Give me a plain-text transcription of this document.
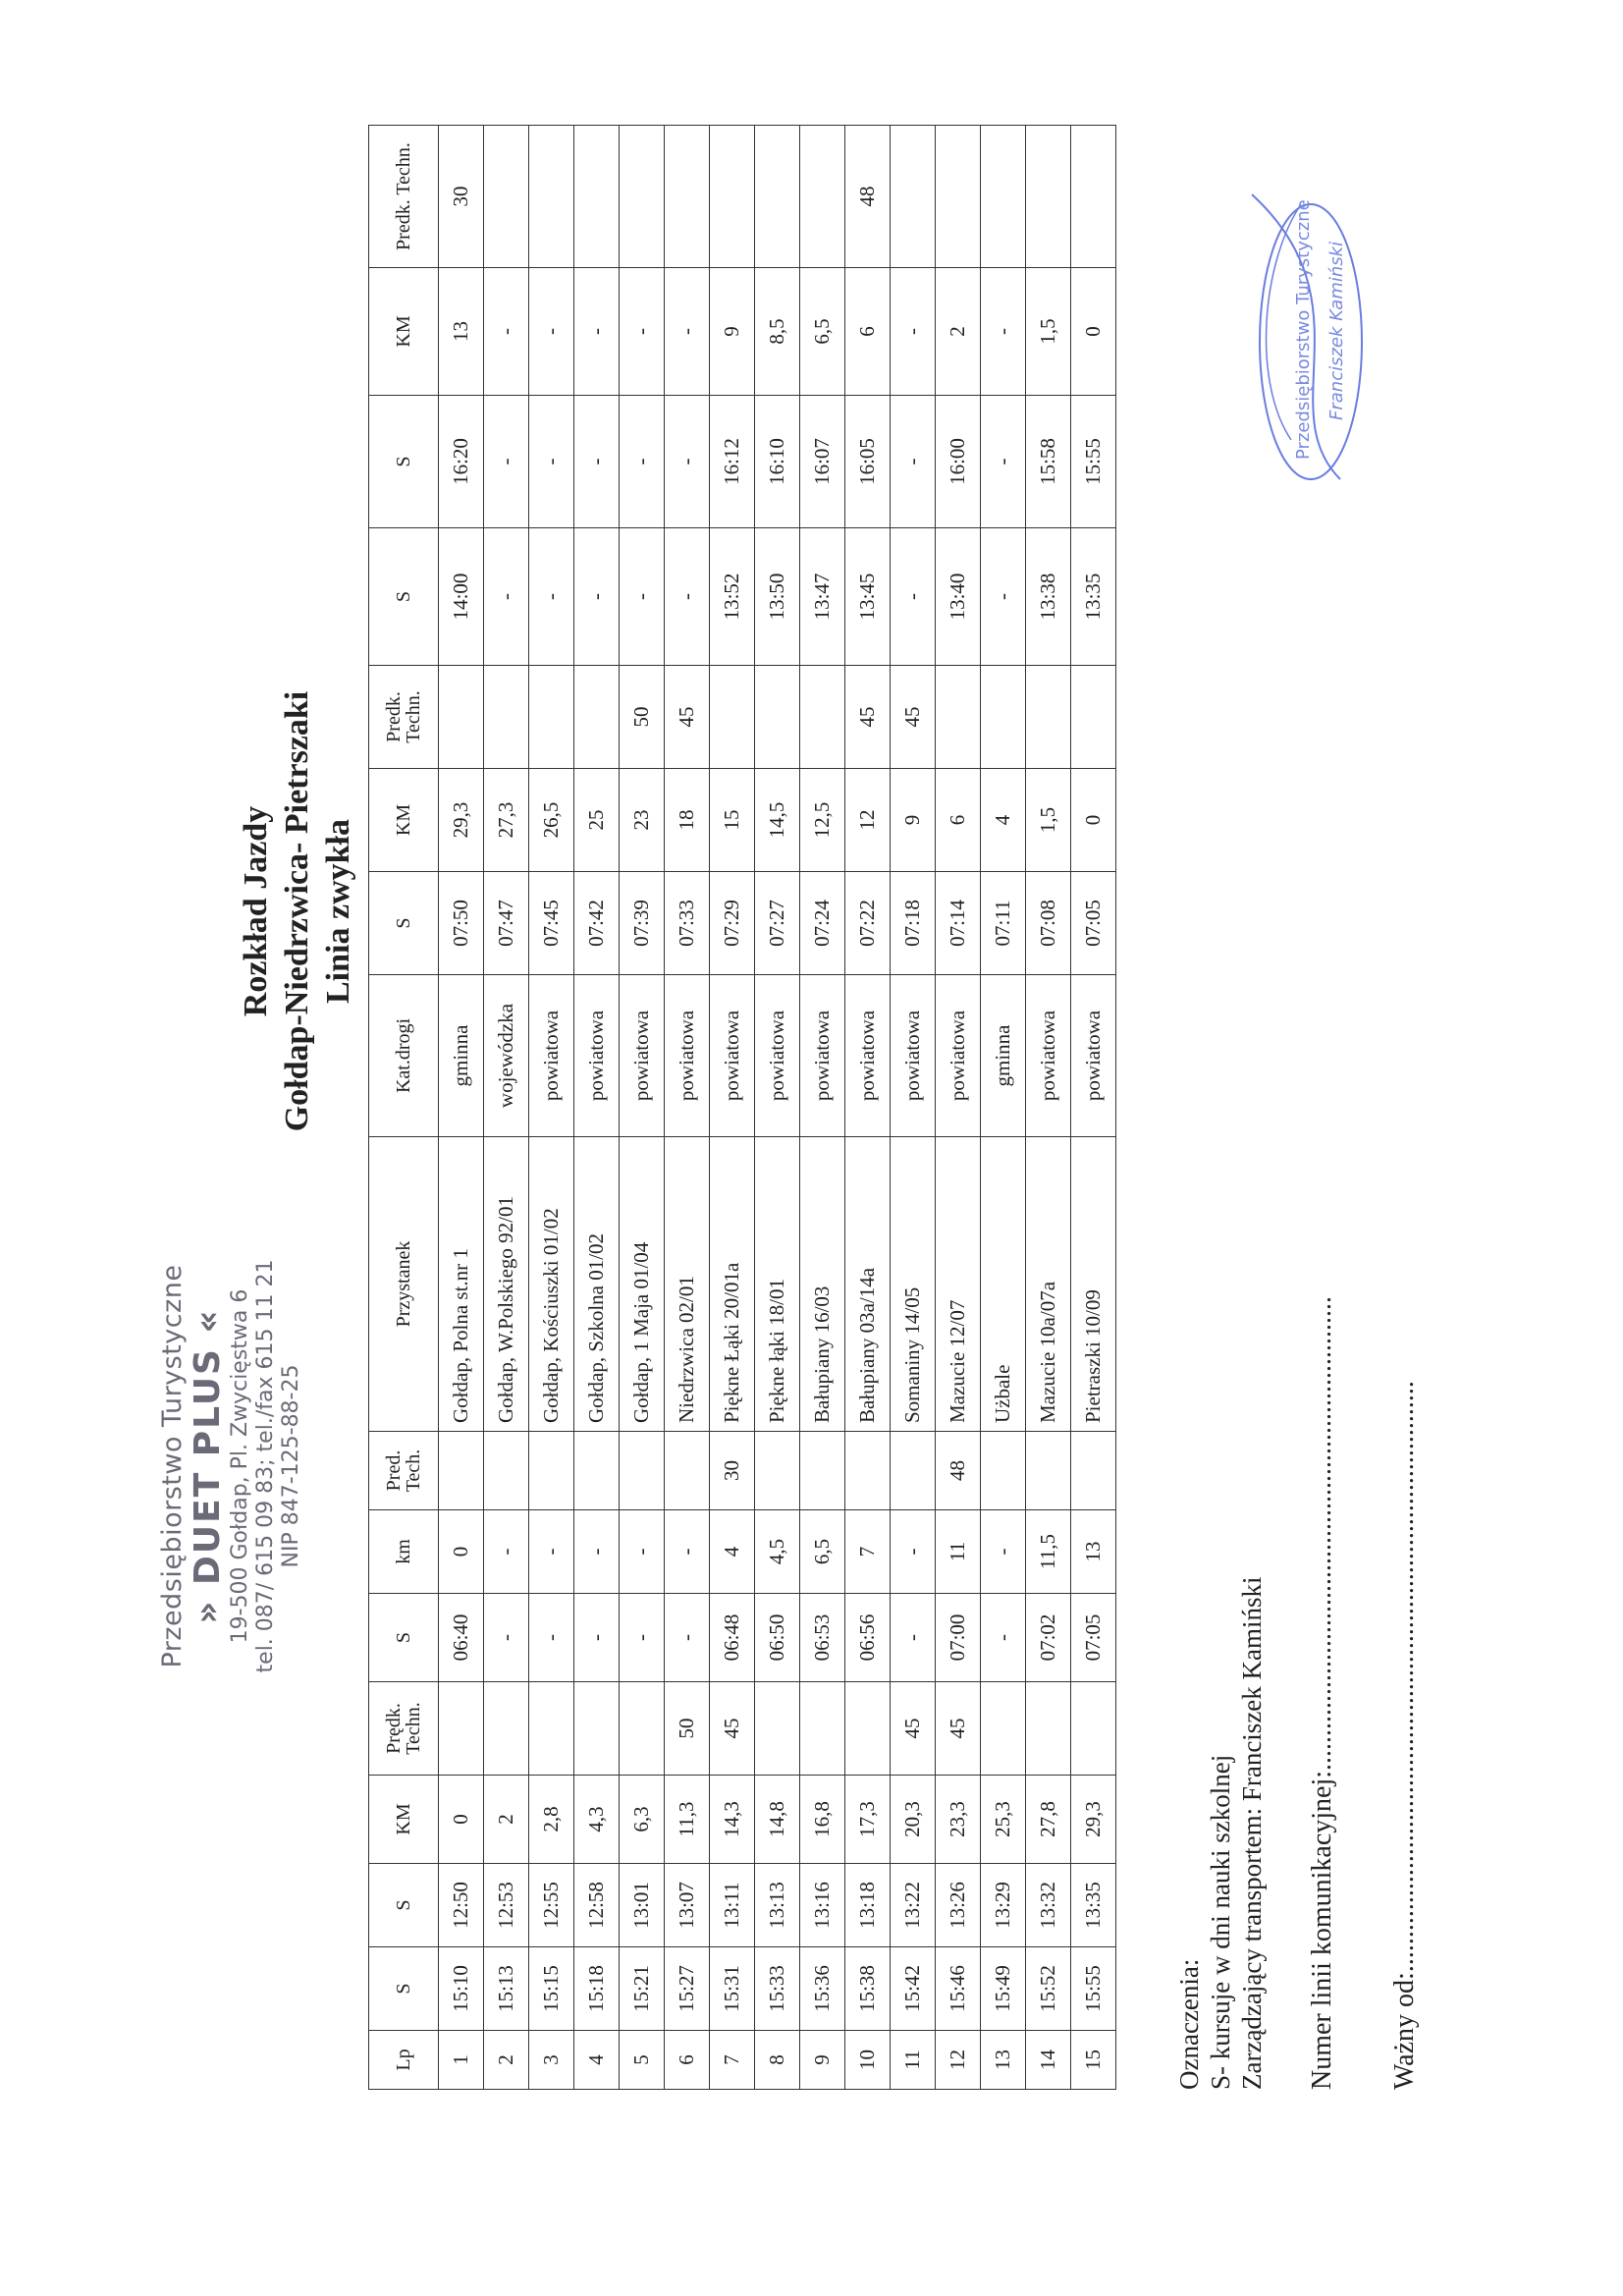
Przedsiębiorstwo Turystyczne » DUET PLUS « 19-500 Gołdap, Pl. Zwycięstwa 6 tel. 087/ 615 09 83; tel./fax 615 11 21 NIP 847-125-88-25
Rozkład Jazdy Gołdap-Niedrzwica- Pietrszaki Linia zwykła
Lp	S	S	KM	Prędk. Techn.	S	km	Pred. Tech.	Przystanek	Kat.drogi	S	KM	Predk. Techn.	S	S	KM	Predk. Techn.
1	15:10	12:50	0		06:40	0		Gołdap, Polna st.nr 1	gminna	07:50	29,3		14:00	16:20	13	30
2	15:13	12:53	2		-	-		Gołdap, W.Polskiego 92/01	wojewódzka	07:47	27,3		-	-	-	
3	15:15	12:55	2,8		-	-		Gołdap, Kościuszki 01/02	powiatowa	07:45	26,5		-	-	-	
4	15:18	12:58	4,3		-	-		Gołdap, Szkolna 01/02	powiatowa	07:42	25		-	-	-	
5	15:21	13:01	6,3		-	-		Gołdap, 1 Maja 01/04	powiatowa	07:39	23	50	-	-	-	
6	15:27	13:07	11,3	50	-	-		Niedrzwica 02/01	powiatowa	07:33	18	45	-	-	-	
7	15:31	13:11	14,3	45	06:48	4	30	Piękne Łąki 20/01a	powiatowa	07:29	15		13:52	16:12	9	
8	15:33	13:13	14,8		06:50	4,5		Piękne łąki 18/01	powiatowa	07:27	14,5		13:50	16:10	8,5	
9	15:36	13:16	16,8		06:53	6,5		Bałupiany 16/03	powiatowa	07:24	12,5		13:47	16:07	6,5	
10	15:38	13:18	17,3		06:56	7		Bałupiany 03a/14a	powiatowa	07:22	12	45	13:45	16:05	6	48
11	15:42	13:22	20,3	45	-	-		Somaniny 14/05	powiatowa	07:18	9	45	-	-	-	
12	15:46	13:26	23,3	45	07:00	11	48	Mazucie 12/07	powiatowa	07:14	6		13:40	16:00	2	
13	15:49	13:29	25,3		-	-		Użbale	gminna	07:11	4		-	-	-	
14	15:52	13:32	27,8		07:02	11,5		Mazucie 10a/07a	powiatowa	07:08	1,5		13:38	15:58	1,5	
15	15:55	13:35	29,3		07:05	13		Pietraszki 10/09	powiatowa	07:05	0		13:35	15:55	0	
Oznaczenia: S- kursuje w dni nauki szkolnej Zarządzający transportem: Franciszek Kamiński Numer linii komunikacyjnej:..................................................................... Ważny od:......................................................................................
Przedsiębiorstwo Turystyczne Franciszek Kamiński
